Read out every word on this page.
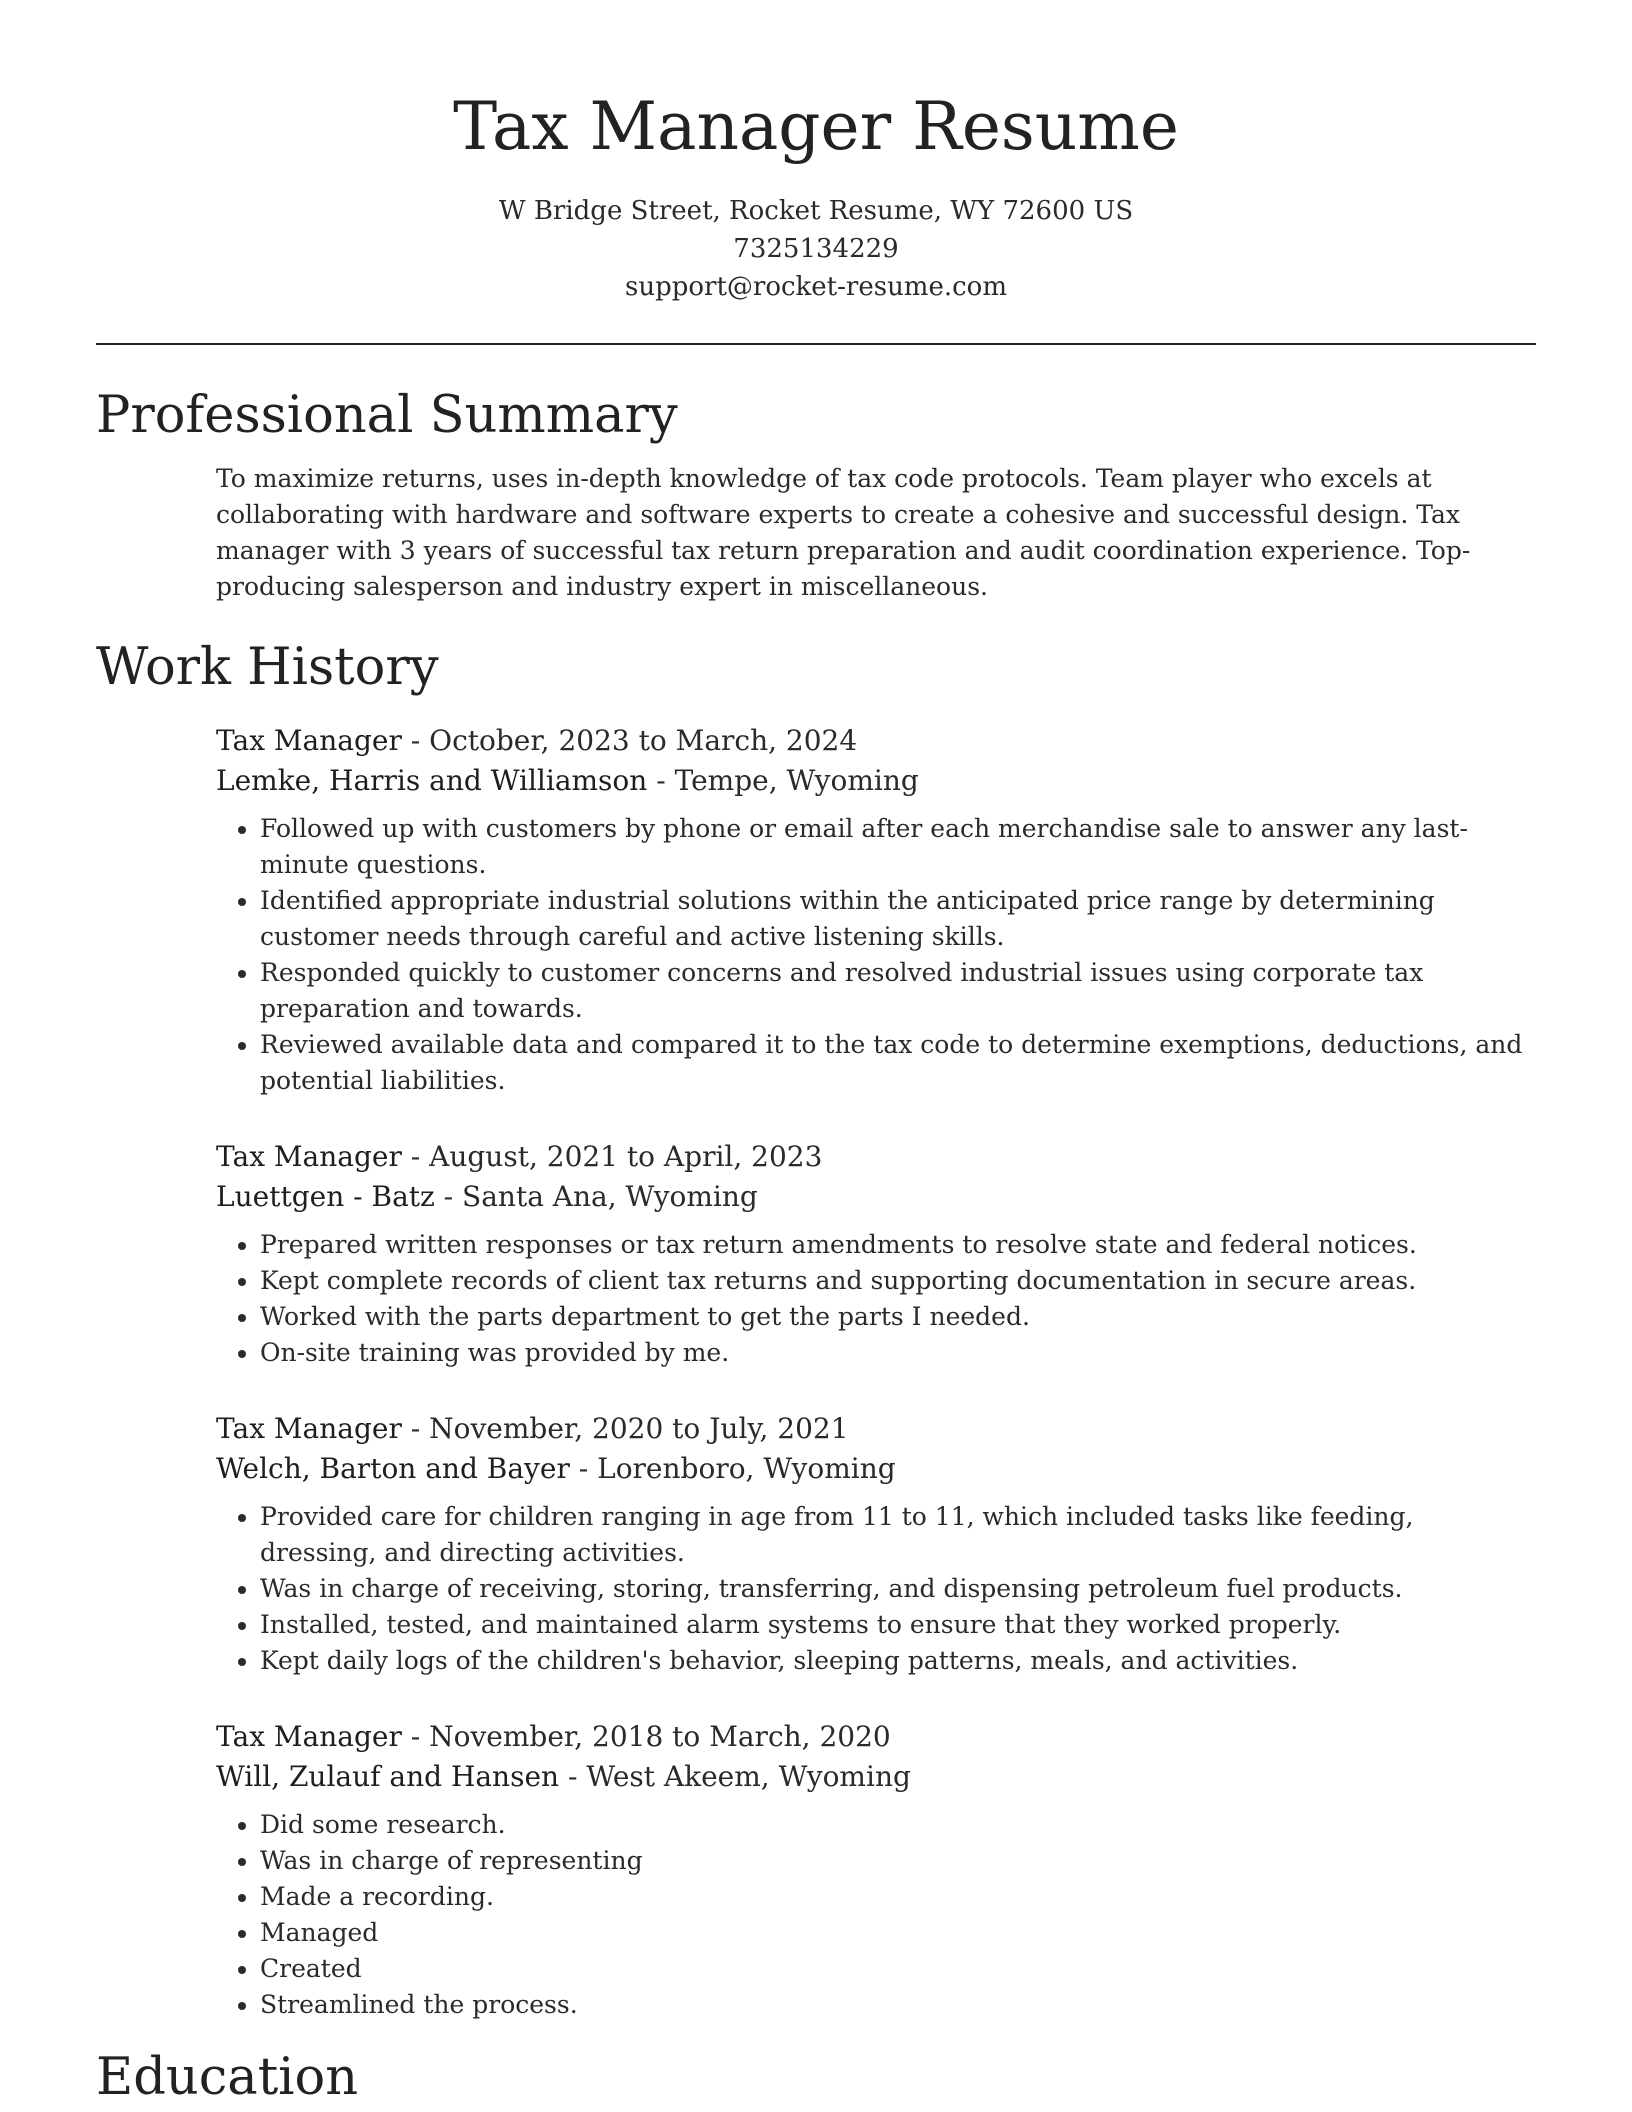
Tax Manager Resume
W Bridge Street, Rocket Resume, WY 72600 US
7325134229
support@rocket-resume.com
Professional Summary
To maximize returns, uses in-depth knowledge of tax code protocols. Team player who excels at collaborating with hardware and software experts to create a cohesive and successful design. Tax manager with 3 years of successful tax return preparation and audit coordination experience. Top-producing salesperson and industry expert in miscellaneous.
Work History
Tax Manager - October, 2023 to March, 2024
Lemke, Harris and Williamson - Tempe, Wyoming
• Followed up with customers by phone or email after each merchandise sale to answer any last-minute questions.
• Identified appropriate industrial solutions within the anticipated price range by determining customer needs through careful and active listening skills.
• Responded quickly to customer concerns and resolved industrial issues using corporate tax preparation and towards.
• Reviewed available data and compared it to the tax code to determine exemptions, deductions, and potential liabilities.
Tax Manager - August, 2021 to April, 2023
Luettgen - Batz - Santa Ana, Wyoming
• Prepared written responses or tax return amendments to resolve state and federal notices.
• Kept complete records of client tax returns and supporting documentation in secure areas.
• Worked with the parts department to get the parts I needed.
• On-site training was provided by me.
Tax Manager - November, 2020 to July, 2021
Welch, Barton and Bayer - Lorenboro, Wyoming
• Provided care for children ranging in age from 11 to 11, which included tasks like feeding, dressing, and directing activities.
• Was in charge of receiving, storing, transferring, and dispensing petroleum fuel products.
• Installed, tested, and maintained alarm systems to ensure that they worked properly.
• Kept daily logs of the children's behavior, sleeping patterns, meals, and activities.
Tax Manager - November, 2018 to March, 2020
Will, Zulauf and Hansen - West Akeem, Wyoming
• Did some research.
• Was in charge of representing
• Made a recording.
• Managed
• Created
• Streamlined the process.
Education
